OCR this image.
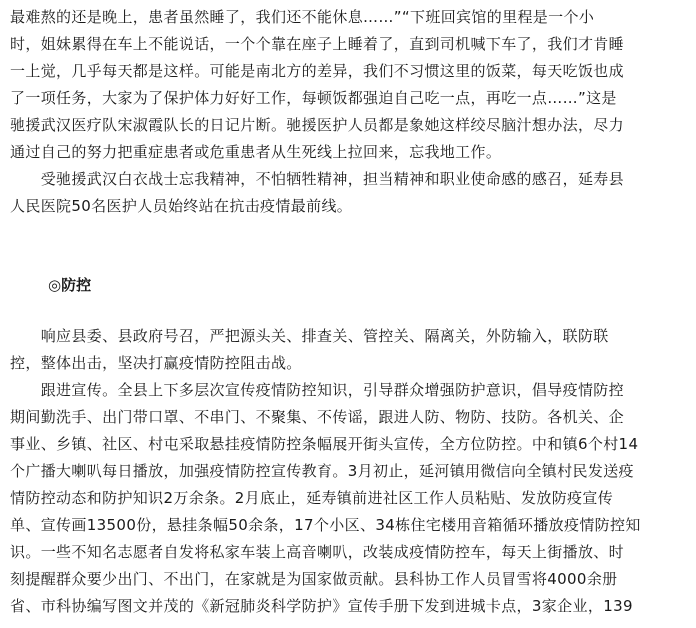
最难熬的还是晚上，患者虽然睡了，我们还不能休息……”“下班回宾馆的里程是一个小
时，姐妹累得在车上不能说话，一个个靠在座子上睡着了，直到司机喊下车了，我们才肯睡
一上觉，几乎每天都是这样。可能是南北方的差异，我们不习惯这里的饭菜，每天吃饭也成
了一项任务，大家为了保护体力好好工作，每顿饭都强迫自己吃一点，再吃一点……”这是
驰援武汉医疗队宋淑霞队长的日记片断。驰援医护人员都是象她这样绞尽脑汁想办法，尽力
通过自己的努力把重症患者或危重患者从生死线上拉回来，忘我地工作。
　　受驰援武汉白衣战士忘我精神，不怕牺牲精神，担当精神和职业使命感的感召，延寿县
人民医院50名医护人员始终站在抗击疫情最前线。
◎防控
　　响应县委、县政府号召，严把源头关、排查关、管控关、隔离关，外防输入，联防联
控，整体出击，坚决打赢疫情防控阻击战。
　　跟进宣传。全县上下多层次宣传疫情防控知识，引导群众增强防护意识，倡导疫情防控
期间勤洗手、出门带口罩、不串门、不聚集、不传谣，跟进人防、物防、技防。各机关、企
事业、乡镇、社区、村屯采取悬挂疫情防控条幅展开街头宣传，全方位防控。中和镇6个村14
个广播大喇叭每日播放，加强疫情防控宣传教育。3月初止，延河镇用微信向全镇村民发送疫
情防控动态和防护知识2万余条。2月底止，延寿镇前进社区工作人员粘贴、发放防疫宣传
单、宣传画13500份，悬挂条幅50余条，17个小区、34栋住宅楼用音箱循环播放疫情防控知
识。一些不知名志愿者自发将私家车装上高音喇叭，改装成疫情防控车，每天上街播放、时
刻提醒群众要少出门、不出门，在家就是为国家做贡献。县科协工作人员冒雪将4000余册
省、市科协编写图文并茂的《新冠肺炎科学防护》宣传手册下发到进城卡点，3家企业，139
